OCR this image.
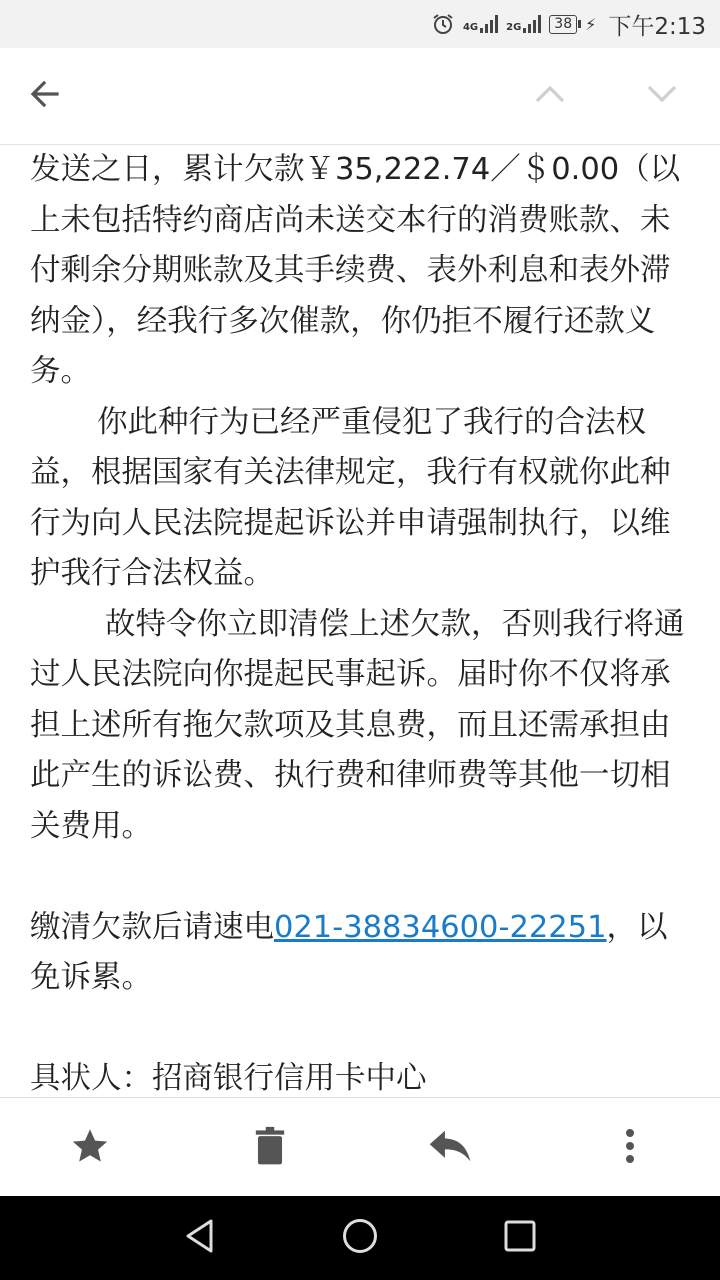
4G	2G	38 ⚡ 下午2:13

发送之日，累计欠款￥35,222.74／＄0.00（以上未包括特约商店尚未送交本行的消费账款、未付剩余分期账款及其手续费、表外利息和表外滞纳金），经我行多次催款，你仍拒不履行还款义务。

你此种行为已经严重侵犯了我行的合法权益，根据国家有关法律规定，我行有权就你此种行为向人民法院提起诉讼并申请强制执行，以维护我行合法权益。

故特令你立即清偿上述欠款，否则我行将通过人民法院向你提起民事起诉。届时你不仅将承担上述所有拖欠款项及其息费，而且还需承担由此产生的诉讼费、执行费和律师费等其他一切相关费用。

缴清欠款后请速电021-38834600-22251，以免诉累。

具状人：招商银行信用卡中心
